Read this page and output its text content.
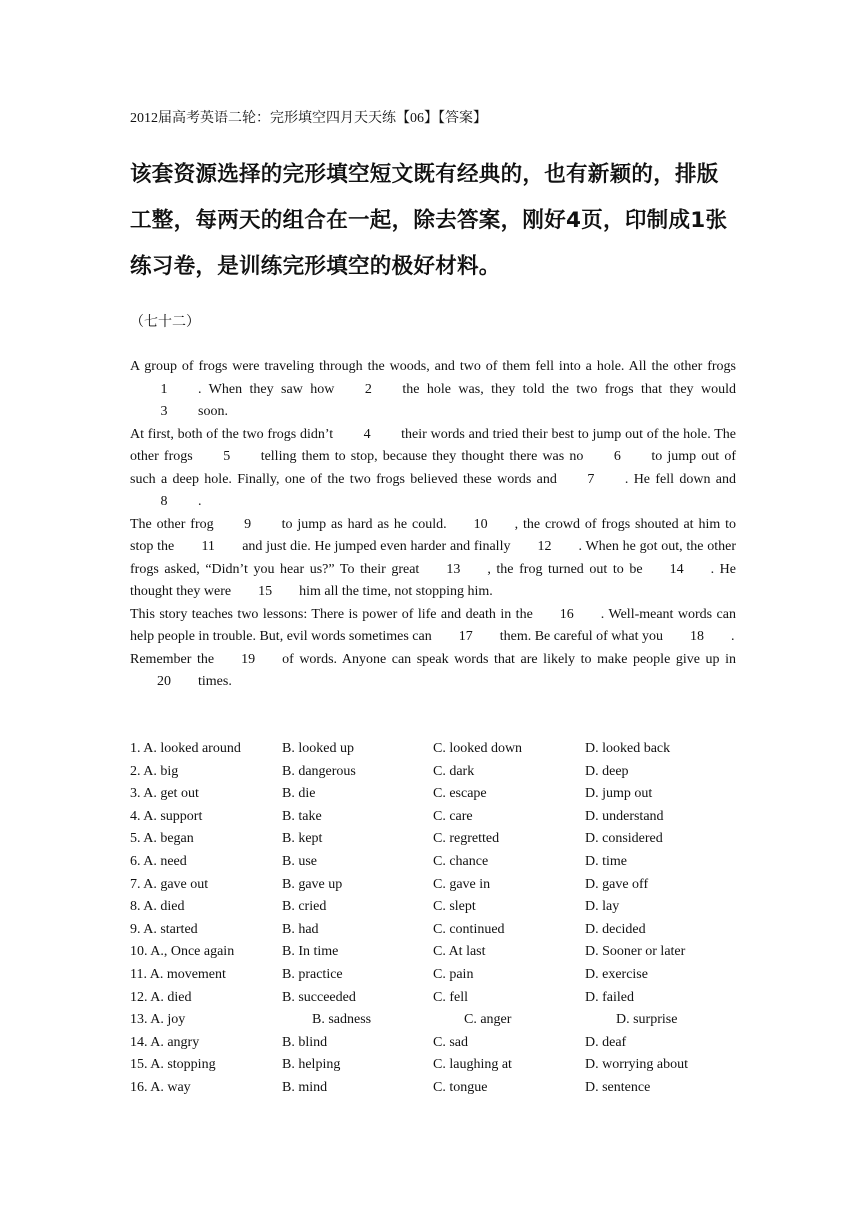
2012届高考英语二轮：完形填空四月天天练【06】【答案】
该套资源选择的完形填空短文既有经典的，也有新颖的，排版工整，每两天的组合在一起，除去答案，刚好4页，印制成1张练习卷，是训练完形填空的极好材料。
（七十二）

A group of frogs were traveling through the woods, and two of them fell into a hole. All the other frogs1 . When they saw how 2 the hole was, they told the two frogs that they would3 soon.

At first, both of the two frogs didn’t 4 their words and tried their best to jump out of the hole. The other frogs 5 telling them to stop, because they thought there was no 6 to jump out of such a deep hole. Finally, one of the two frogs believed these words and 7 . He fell down and8 .

The other frog 9 to jump as hard as he could. 10 , the crowd of frogs shouted at him to stop the 11 and just die. He jumped even harder and finally 12 . When he got out, the other frogs asked, “Didn’t you hear us?” To their great 13 , the frog turned out to be 14 . He thought they were 15 him all the time, not stopping him.

This story teaches two lessons: There is power of life and death in the 16 . Well-meant words can help people in trouble. But, evil words sometimes can 17 them. Be careful of what you 18 .

Remember the 19 of words. Anyone can speak words that are likely to make people give up in20 times.

1. A. looked around	B. looked up	C. looked down	D. looked back
2. A. big	B. dangerous	C. dark	D. deep
3. A. get out	B. die	C. escape	D. jump out
4. A. support	B. take	C. care	D. understand
5. A. began	B. kept	C. regretted	D. considered
6. A. need	B. use	C. chance	D. time
7. A. gave out	B. gave up	C. gave in	D. gave off
8. A. died	B. cried	C. slept	D. lay
9. A. started	B. had	C. continued	D. decided
10. A., Once again	B. In time	C. At last	D. Sooner or later
11. A. movement	B. practice	C. pain	D. exercise
12. A. died	B. succeeded	C. fell	D. failed
13. A. joy	B. sadness	C. anger	D. surprise
14. A. angry	B. blind	C. sad	D. deaf
15. A. stopping	B. helping	C. laughing at	D. worrying about
16. A. way	B. mind	C. tongue	D. sentence
